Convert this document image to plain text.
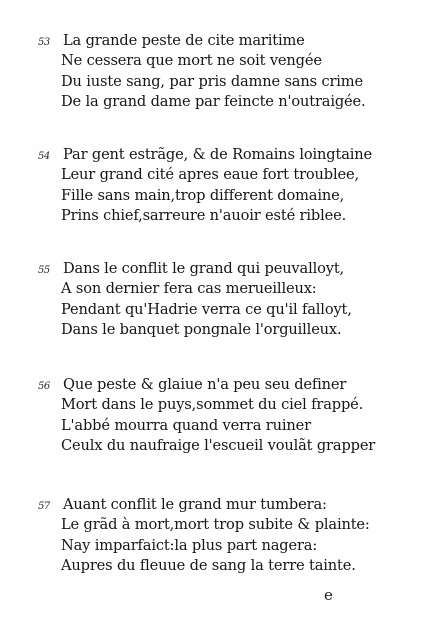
53 La grande peste de cite maritime
Ne cessera que mort ne soit vengée
Du iuste sang, par pris damne sans crime
De la grand dame par feincte n'outraigée.
54 Par gent estrãge, & de Romains loingtaine
Leur grand cité apres eaue fort troublee,
Fille sans main,trop different domaine,
Prins chief,sarreure n'auoir esté riblee.
55 Dans le conflit le grand qui peuvalloyt,
A son dernier fera cas merueilleux:
Pendant qu'Hadrie verra ce qu'il falloyt,
Dans le banquet pongnale l'orguilleux.
56 Que peste & glaiue n'a peu seu definer
Mort dans le puys,sommet du ciel frappé.
L'abbé mourra quand verra ruiner
Ceulx du naufraige l'escueil voulãt grapper
57 Auant conflit le grand mur tumbera:
Le grãd à mort,mort trop subite & plainte:
Nay imparfaict:la plus part nagera:
Aupres du fleuue de sang la terre tainte.
e
